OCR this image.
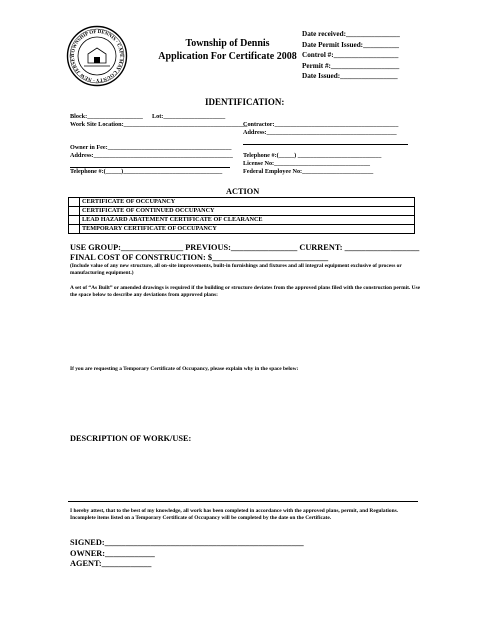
TOWNSHIP OF DENNIS · CAPE MAY COUNTY · NEW JERSEY
Township of Dennis
Application For Certificate 2008
Date received:_______________
Date Permit Issued:__________
Control #:__________________
Permit #:___________________
Date Issued:________________
IDENTIFICATION:
Block:__________________ Lot:____________________
Work Site Location:________________________________________
Owner in Fee:________________________________________
Address:_____________________________________________
Telephone #:(_____)________________________________
Contractor:________________________________________
Address:__________________________________________
Telephone #:(_____) ___________________________
License No:_______________________________
Federal Employee No:_______________________
ACTION
	CERTIFICATE OF OCCUPANCY
	CERTIFICATE OF CONTINUED OCCUPANCY
	LEAD HAZARD ABATEMENT CERTIFICATE OF CLEARANCE
	TEMPORARY CERTIFICATE OF OCCUPANCY
USE GROUP:_______________ PREVIOUS:________________ CURRENT: __________________
FINAL COST OF CONSTRUCTION: $____________________________
(Include value of any new structure, all on-site improvements, built-in furnishings and fixtures and all integral equipment exclusive of process or manufacturing equipment.)
A set of “As Built” or amended drawings is required if the building or structure deviates from the approved plans filed with the construction permit. Use the space below to describe any deviations from approved plans:
If you are requesting a Temporary Certificate of Occupancy, please explain why in the space below:
DESCRIPTION OF WORK/USE:
I hereby attest, that to the best of my knowledge, all work has been completed in accordance with the approved plans, permit, and Regulations. Incomplete items listed on a Temporary Certificate of Occupancy will be completed by the date on the Certificate.
SIGNED:________________________________________________
OWNER:____________
AGENT:____________
